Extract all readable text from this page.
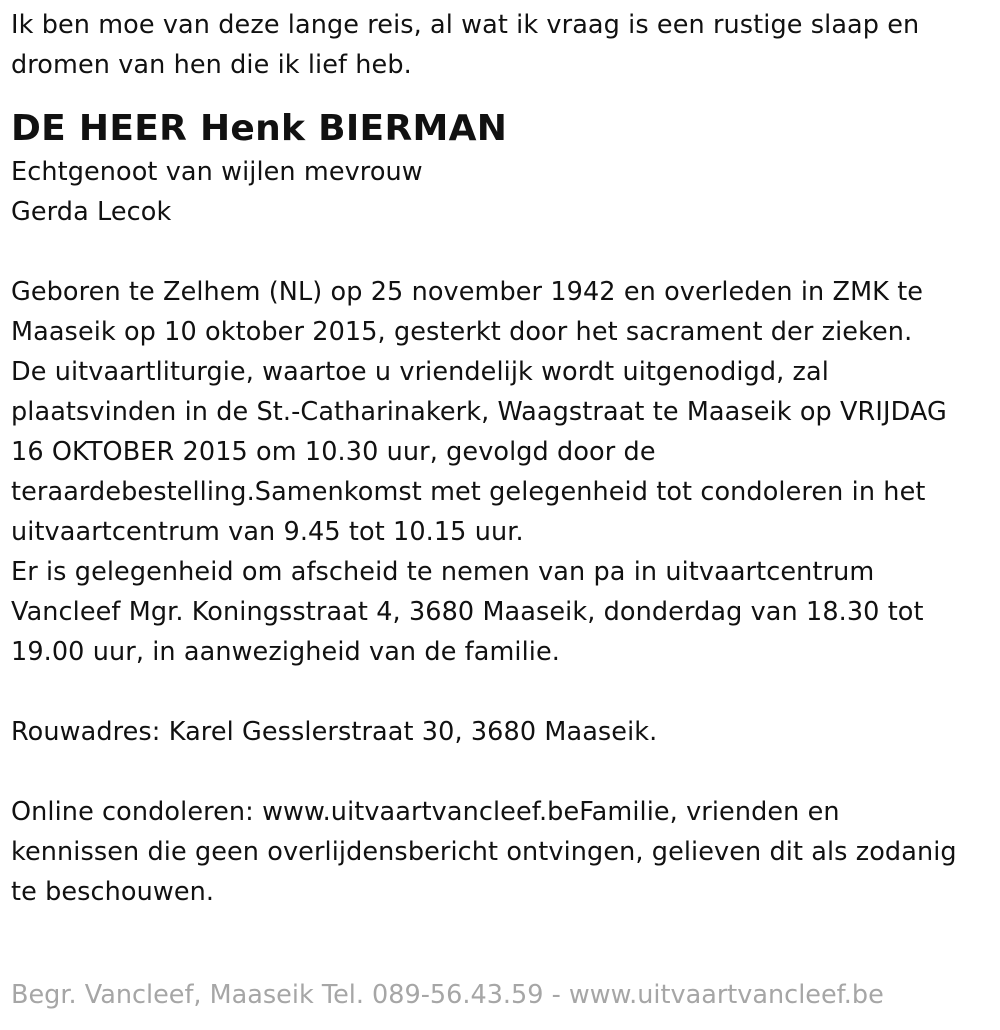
Ik ben moe van deze lange reis, al wat ik vraag is een rustige slaap en
dromen van hen die ik lief heb.
DE HEER Henk BIERMAN
Echtgenoot van wijlen mevrouw
Gerda Lecok
Geboren te Zelhem (NL) op 25 november 1942 en overleden in ZMK te
Maaseik op 10 oktober 2015, gesterkt door het sacrament der zieken.
De uitvaartliturgie, waartoe u vriendelijk wordt uitgenodigd, zal
plaatsvinden in de St.-Catharinakerk, Waagstraat te Maaseik op VRIJDAG
16 OKTOBER 2015 om 10.30 uur, gevolgd door de
teraardebestelling.Samenkomst met gelegenheid tot condoleren in het
uitvaartcentrum van 9.45 tot 10.15 uur.
Er is gelegenheid om afscheid te nemen van pa in uitvaartcentrum
Vancleef Mgr. Koningsstraat 4, 3680 Maaseik, donderdag van 18.30 tot
19.00 uur, in aanwezigheid van de familie.
Rouwadres: Karel Gesslerstraat 30, 3680 Maaseik.
Online condoleren: www.uitvaartvancleef.beFamilie, vrienden en
kennissen die geen overlijdensbericht ontvingen, gelieven dit als zodanig
te beschouwen.
Begr. Vancleef, Maaseik Tel. 089-56.43.59 - www.uitvaartvancleef.be
